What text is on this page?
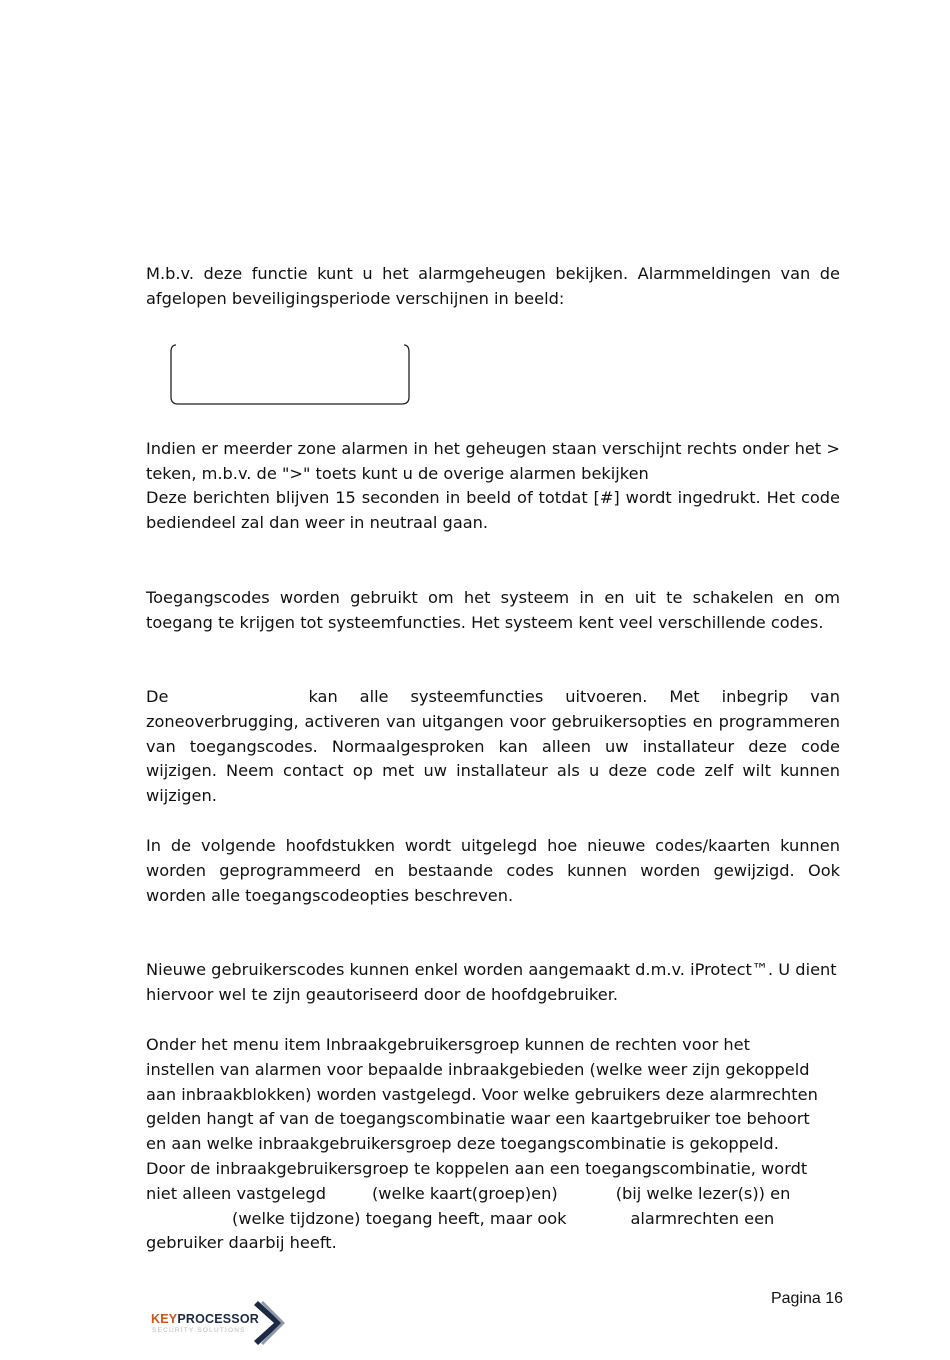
M.b.v. deze functie kunt u het alarmgeheugen bekijken. Alarmmeldingen van de afgelopen beveiligingsperiode verschijnen in beeld:

Indien er meerder zone alarmen in het geheugen staan verschijnt rechts onder het > teken, m.b.v. de ">" toets kunt u de overige alarmen bekijken

Deze berichten blijven 15 seconden in beeld of totdat [#] wordt ingedrukt. Het code bediendeel zal dan weer in neutraal gaan.

Toegangscodes worden gebruikt om het systeem in en uit te schakelen en om toegang te krijgen tot systeemfuncties. Het systeem kent veel verschillende codes.

De	kan alle systeemfuncties uitvoeren. Met inbegrip van zoneoverbrugging, activeren van uitgangen voor gebruikersopties en programmeren van toegangscodes. Normaalgesproken kan alleen uw installateur deze code wijzigen. Neem contact op met uw installateur als u deze code zelf wilt kunnen wijzigen.

In de volgende hoofdstukken wordt uitgelegd hoe nieuwe codes/kaarten kunnen worden geprogrammeerd en bestaande codes kunnen worden gewijzigd. Ook worden alle toegangscodeopties beschreven.

Nieuwe gebruikerscodes kunnen enkel worden aangemaakt d.m.v. iProtect™. U dient hiervoor wel te zijn geautoriseerd door de hoofdgebruiker.

Onder het menu item Inbraakgebruikersgroep kunnen de rechten voor het
instellen van alarmen voor bepaalde inbraakgebieden (welke weer zijn gekoppeld
aan inbraakblokken) worden vastgelegd. Voor welke gebruikers deze alarmrechten
gelden hangt af van de toegangscombinatie waar een kaartgebruiker toe behoort
en aan welke inbraakgebruikersgroep deze toegangscombinatie is gekoppeld.
Door de inbraakgebruikersgroep te koppelen aan een toegangscombinatie, wordt
niet alleen vastgelegd	(welke kaart(groep)en)	(bij welke lezer(s)) en
(welke tijdzone) toegang heeft, maar ook	alarmrechten een
gebruiker daarbij heeft.
KEYPROCESSOR
SECURITY SOLUTIONS
Pagina 16
